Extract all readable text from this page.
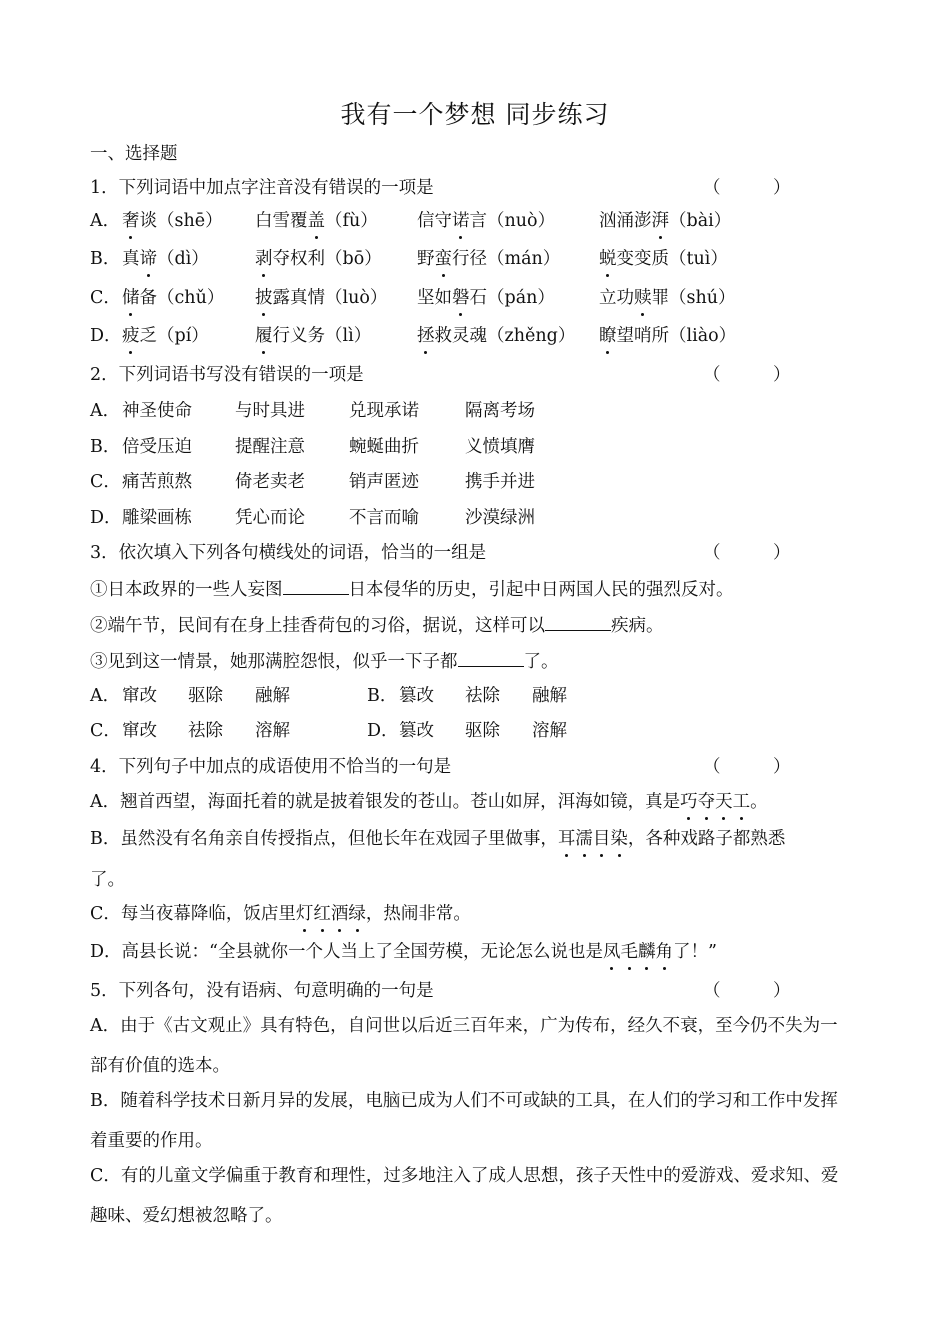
我有一个梦想 同步练习
一、选择题
1．下列词语中加点字注音没有错误的一项是	（　　　）
A． 奢谈（shē） 白雪覆盖（fù） 信守诺言（nuò）	汹涌澎湃（bài）
B． 真谛（dì）	剥夺权利（bō） 野蛮行径（mán） 蜕变变质（tuì）
C． 储备（chǔ） 披露真情（luò） 坚如磐石（pán）	立功赎罪（shú）
D． 疲乏（pí）	履行义务（lì）	拯救灵魂（zhěng） 瞭望哨所（liào）
2．下列词语书写没有错误的一项是	（　　　）
A． 神圣使命 与时具进	兑现承诺	隔离考场
B． 倍受压迫 提醒注意	蜿蜒曲折	义愤填膺
C． 痛苦煎熬 倚老卖老	销声匿迹	携手并进
D． 雕梁画栋 凭心而论	不言而喻	沙漠绿洲
3．依次填入下列各句横线处的词语，恰当的一组是	（　　　）
①日本政界的一些人妄图	日本侵华的历史，引起中日两国人民的强烈反对。
②端午节，民间有在身上挂香荷包的习俗，据说，这样可以	疾病。
③见到这一情景，她那满腔怨恨，似乎一下子都	了。
A． 窜改 驱除 融解	B． 篡改 祛除 融解
C． 窜改 祛除 溶解	D． 篡改 驱除 溶解
4．下列句子中加点的成语使用不恰当的一句是	（　　　）
A．翘首西望，海面托着的就是披着银发的苍山。苍山如屏，洱海如镜，真是巧夺天工。
B．虽然没有名角亲自传授指点，但他长年在戏园子里做事，耳濡目染，各种戏路子都熟悉
了。
C．每当夜幕降临，饭店里灯红酒绿，热闹非常。
D．高县长说：“全县就你一个人当上了全国劳模，无论怎么说也是凤毛麟角了！”
5．下列各句，没有语病、句意明确的一句是	（　　　）
A．由于《古文观止》具有特色，自问世以后近三百年来，广为传布，经久不衰，至今仍不失为一部有价值的选本。
B．随着科学技术日新月异的发展，电脑已成为人们不可或缺的工具，在人们的学习和工作中发挥着重要的作用。
C．有的儿童文学偏重于教育和理性，过多地注入了成人思想，孩子天性中的爱游戏、爱求知、爱趣味、爱幻想被忽略了。
